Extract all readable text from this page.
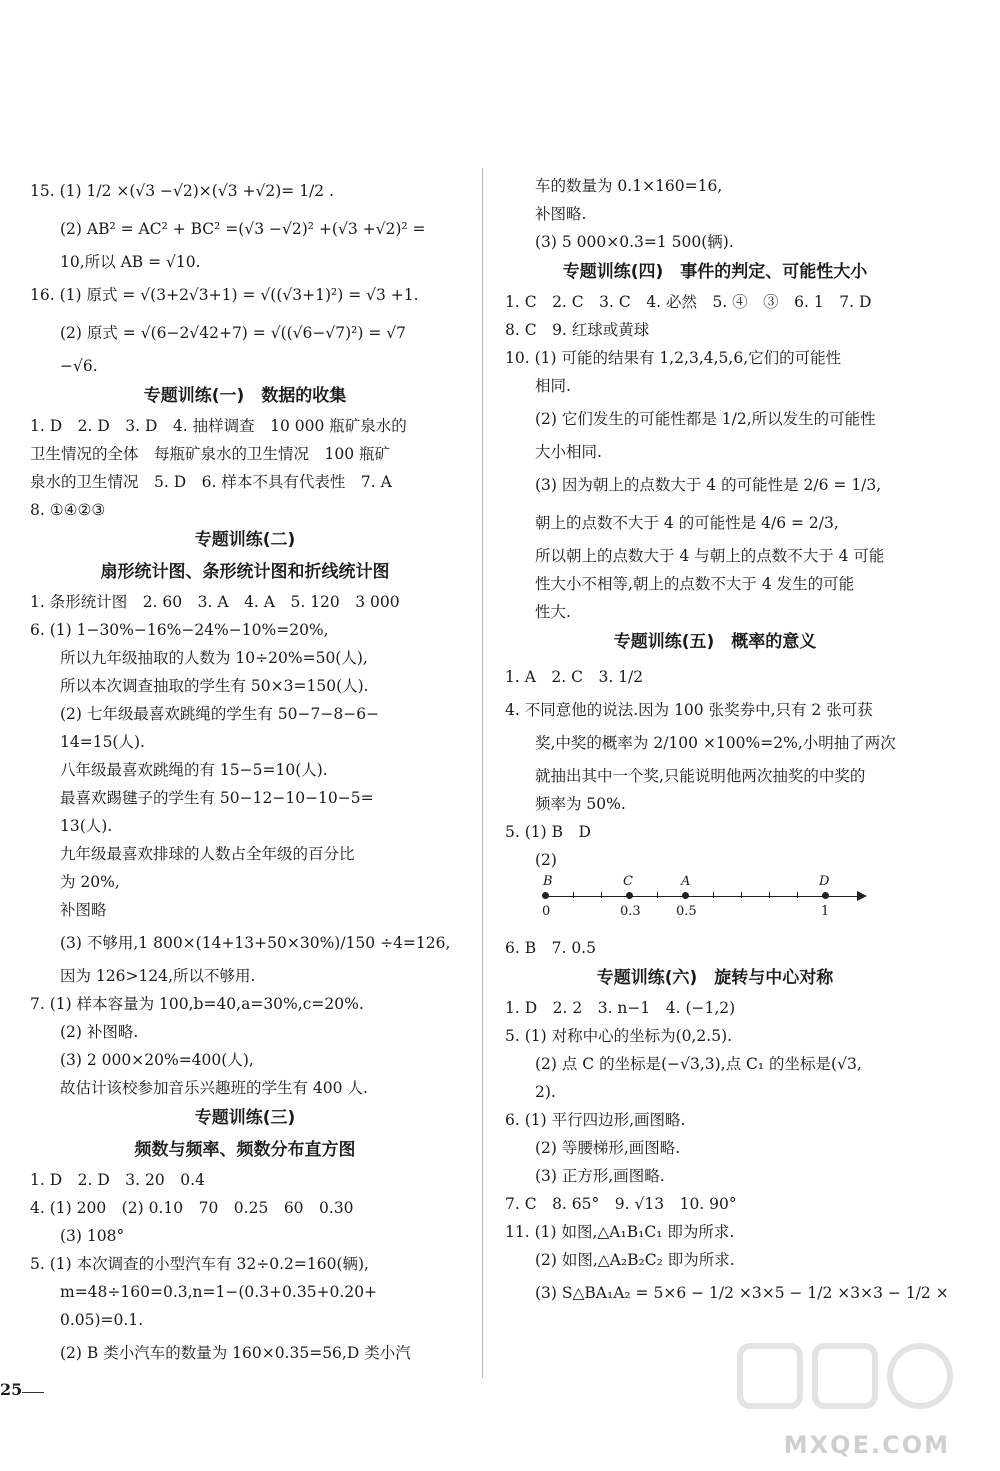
15. (1) 1/2 ×(√3 −√2)×(√3 +√2)= 1/2 .
(2) AB² = AC² + BC² =(√3 −√2)² +(√3 +√2)² =
10,所以 AB = √10.
16. (1) 原式 = √(3+2√3+1) = √((√3+1)²) = √3 +1.
(2) 原式 = √(6−2√42+7) = √((√6−√7)²) = √7
−√6.
专题训练(一)　数据的收集
1. D　2. D　3. D　4. 抽样调查　10 000 瓶矿泉水的
卫生情况的全体　每瓶矿泉水的卫生情况　100 瓶矿
泉水的卫生情况　5. D　6. 样本不具有代表性　7. A
8. ①④②③
专题训练(二)
扇形统计图、条形统计图和折线统计图
1. 条形统计图　2. 60　3. A　4. A　5. 120　3 000
6. (1) 1−30%−16%−24%−10%=20%,
所以九年级抽取的人数为 10÷20%=50(人),
所以本次调查抽取的学生有 50×3=150(人).
(2) 七年级最喜欢跳绳的学生有 50−7−8−6−
14=15(人).
八年级最喜欢跳绳的有 15−5=10(人).
最喜欢踢毽子的学生有 50−12−10−10−5=
13(人).
九年级最喜欢排球的人数占全年级的百分比
为 20%,
补图略
(3) 不够用,1 800×(14+13+50×30%)/150 ÷4=126,
因为 126>124,所以不够用.
7. (1) 样本容量为 100,b=40,a=30%,c=20%.
(2) 补图略.
(3) 2 000×20%=400(人),
故估计该校参加音乐兴趣班的学生有 400 人.
专题训练(三)
频数与频率、频数分布直方图
1. D　2. D　3. 20　0.4
4. (1) 200　(2) 0.10　70　0.25　60　0.30
(3) 108°
5. (1) 本次调查的小型汽车有 32÷0.2=160(辆),
m=48÷160=0.3,n=1−(0.3+0.35+0.20+
0.05)=0.1.
(2) B 类小汽车的数量为 160×0.35=56,D 类小汽
车的数量为 0.1×160=16,
补图略.
(3) 5 000×0.3=1 500(辆).
专题训练(四)　事件的判定、可能性大小
1. C　2. C　3. C　4. 必然　5. ④　③　6. 1　7. D
8. C　9. 红球或黄球
10. (1) 可能的结果有 1,2,3,4,5,6,它们的可能性
相同.
(2) 它们发生的可能性都是 1/2,所以发生的可能性
大小相同.
(3) 因为朝上的点数大于 4 的可能性是 2/6 = 1/3,
朝上的点数不大于 4 的可能性是 4/6 = 2/3,
所以朝上的点数大于 4 与朝上的点数不大于 4 可能
性大小不相等,朝上的点数不大于 4 发生的可能
性大.
专题训练(五)　概率的意义
1. A　2. C　3. 1/2
4. 不同意他的说法.因为 100 张奖券中,只有 2 张可获
奖,中奖的概率为 2/100 ×100%=2%,小明抽了两次
就抽出其中一个奖,只能说明他两次抽奖的中奖的
频率为 50%.
5. (1) B　D
(2)
B	C	A	D
0	0.3	0.5	1
6. B　7. 0.5
专题训练(六)　旋转与中心对称
1. D　2. 2　3. n−1　4. (−1,2)
5. (1) 对称中心的坐标为(0,2.5).
(2) 点 C 的坐标是(−√3,3),点 C₁ 的坐标是(√3,
2).
6. (1) 平行四边形,画图略.
(2) 等腰梯形,画图略.
(3) 正方形,画图略.
7. C　8. 65°　9. √13　10. 90°
11. (1) 如图,△A₁B₁C₁ 即为所求.
(2) 如图,△A₂B₂C₂ 即为所求.
(3) S△BA₁A₂ = 5×6 − 1/2 ×3×5 − 1/2 ×3×3 − 1/2 ×
25
MXQE.COM
